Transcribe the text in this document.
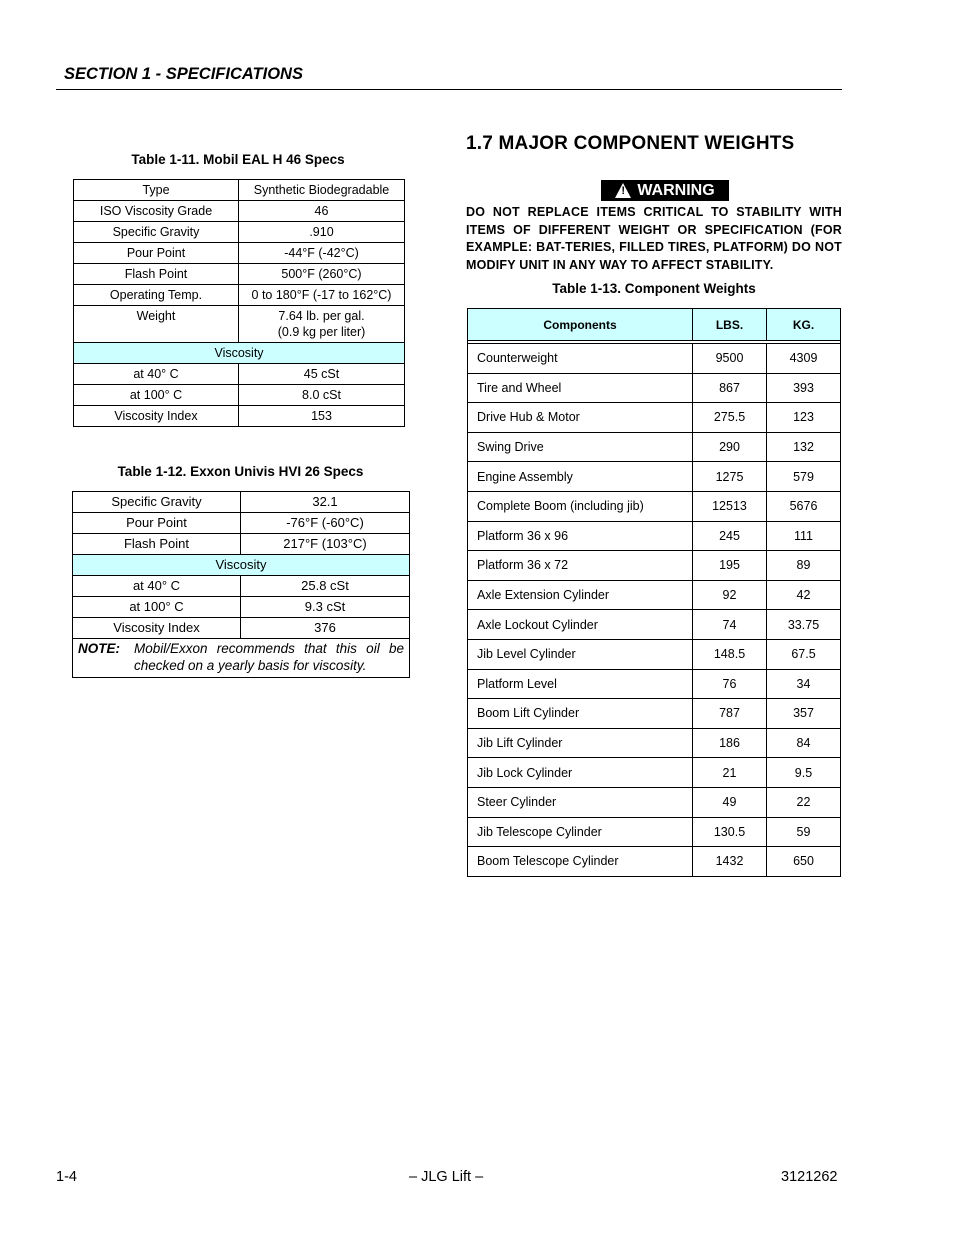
SECTION 1 - SPECIFICATIONS
Table 1-11. Mobil EAL H 46 Specs
Type	Synthetic Biodegradable
ISO Viscosity Grade	46
Specific Gravity	.910
Pour Point	-44°F (-42°C)
Flash Point	500°F (260°C)
Operating Temp.	0 to 180°F (-17 to 162°C)
Weight	7.64 lb. per gal.
(0.9 kg per liter)

Viscosity	
at 40° C	45 cSt
at 100° C	8.0 cSt
Viscosity Index	153
Table 1-12. Exxon Univis HVI 26 Specs
Specific Gravity	32.1
Pour Point	-76°F (-60°C)
Flash Point	217°F (103°C)
Viscosity	
at 40° C	25.8 cSt
at 100° C	9.3 cSt
Viscosity Index	376

NOTE: Mobil/Exxon recommends that this oil be checked on a yearly basis for viscosity.	
1.7 MAJOR COMPONENT WEIGHTS
! WARNING
DO NOT REPLACE ITEMS CRITICAL TO STABILITY WITH ITEMS OF DIFFERENT WEIGHT OR SPECIFICATION (FOR EXAMPLE: BAT-TERIES, FILLED TIRES, PLATFORM) DO NOT MODIFY UNIT IN ANY WAY TO AFFECT STABILITY.
Table 1-13. Component Weights
Components	LBS.	KG.

Counterweight	9500	4309
Tire and Wheel	867	393
Drive Hub & Motor	275.5	123
Swing Drive	290	132
Engine Assembly	1275	579
Complete Boom (including jib)	12513	5676
Platform 36 x 96	245	111
Platform 36 x 72	195	89
Axle Extension Cylinder	92	42
Axle Lockout Cylinder	74	33.75
Jib Level Cylinder	148.5	67.5
Platform Level	76	34
Boom Lift Cylinder	787	357
Jib Lift Cylinder	186	84
Jib Lock Cylinder	21	9.5
Steer Cylinder	49	22
Jib Telescope Cylinder	130.5	59
Boom Telescope Cylinder	1432	650
1-4	– JLG Lift –	3121262
